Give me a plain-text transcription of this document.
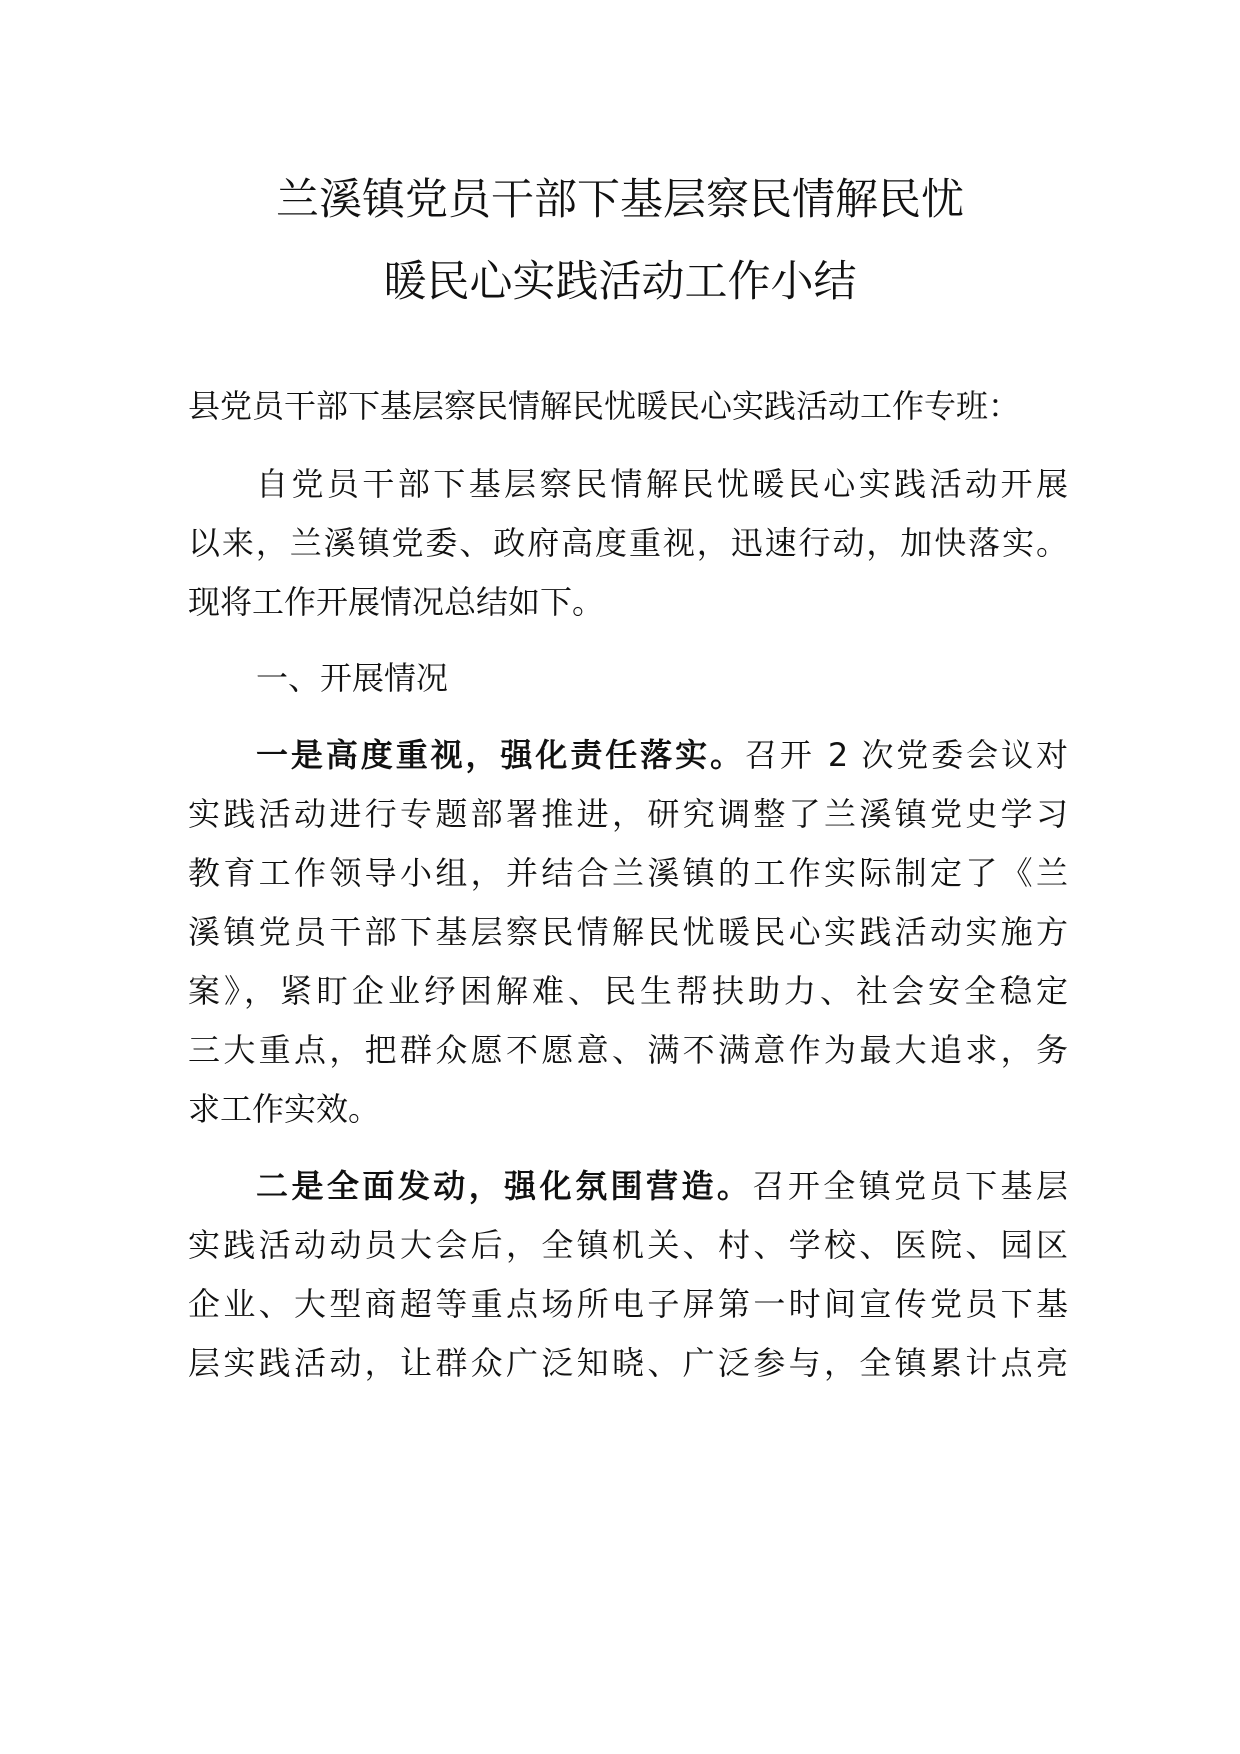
兰溪镇党员干部下基层察民情解民忧
暖民心实践活动工作小结
县党员干部下基层察民情解民忧暖民心实践活动工作专班：
自党员干部下基层察民情解民忧暖民心实践活动开展
以来，兰溪镇党委、政府高度重视，迅速行动，加快落实。
现将工作开展情况总结如下。
一、开展情况
一是高度重视，强化责任落实。召开 2 次党委会议对
实践活动进行专题部署推进，研究调整了兰溪镇党史学习
教育工作领导小组，并结合兰溪镇的工作实际制定了《兰
溪镇党员干部下基层察民情解民忧暖民心实践活动实施方
案》，紧盯企业纾困解难、民生帮扶助力、社会安全稳定
三大重点，把群众愿不愿意、满不满意作为最大追求，务
求工作实效。
二是全面发动，强化氛围营造。召开全镇党员下基层
实践活动动员大会后，全镇机关、村、学校、医院、园区
企业、大型商超等重点场所电子屏第一时间宣传党员下基
层实践活动，让群众广泛知晓、广泛参与，全镇累计点亮
